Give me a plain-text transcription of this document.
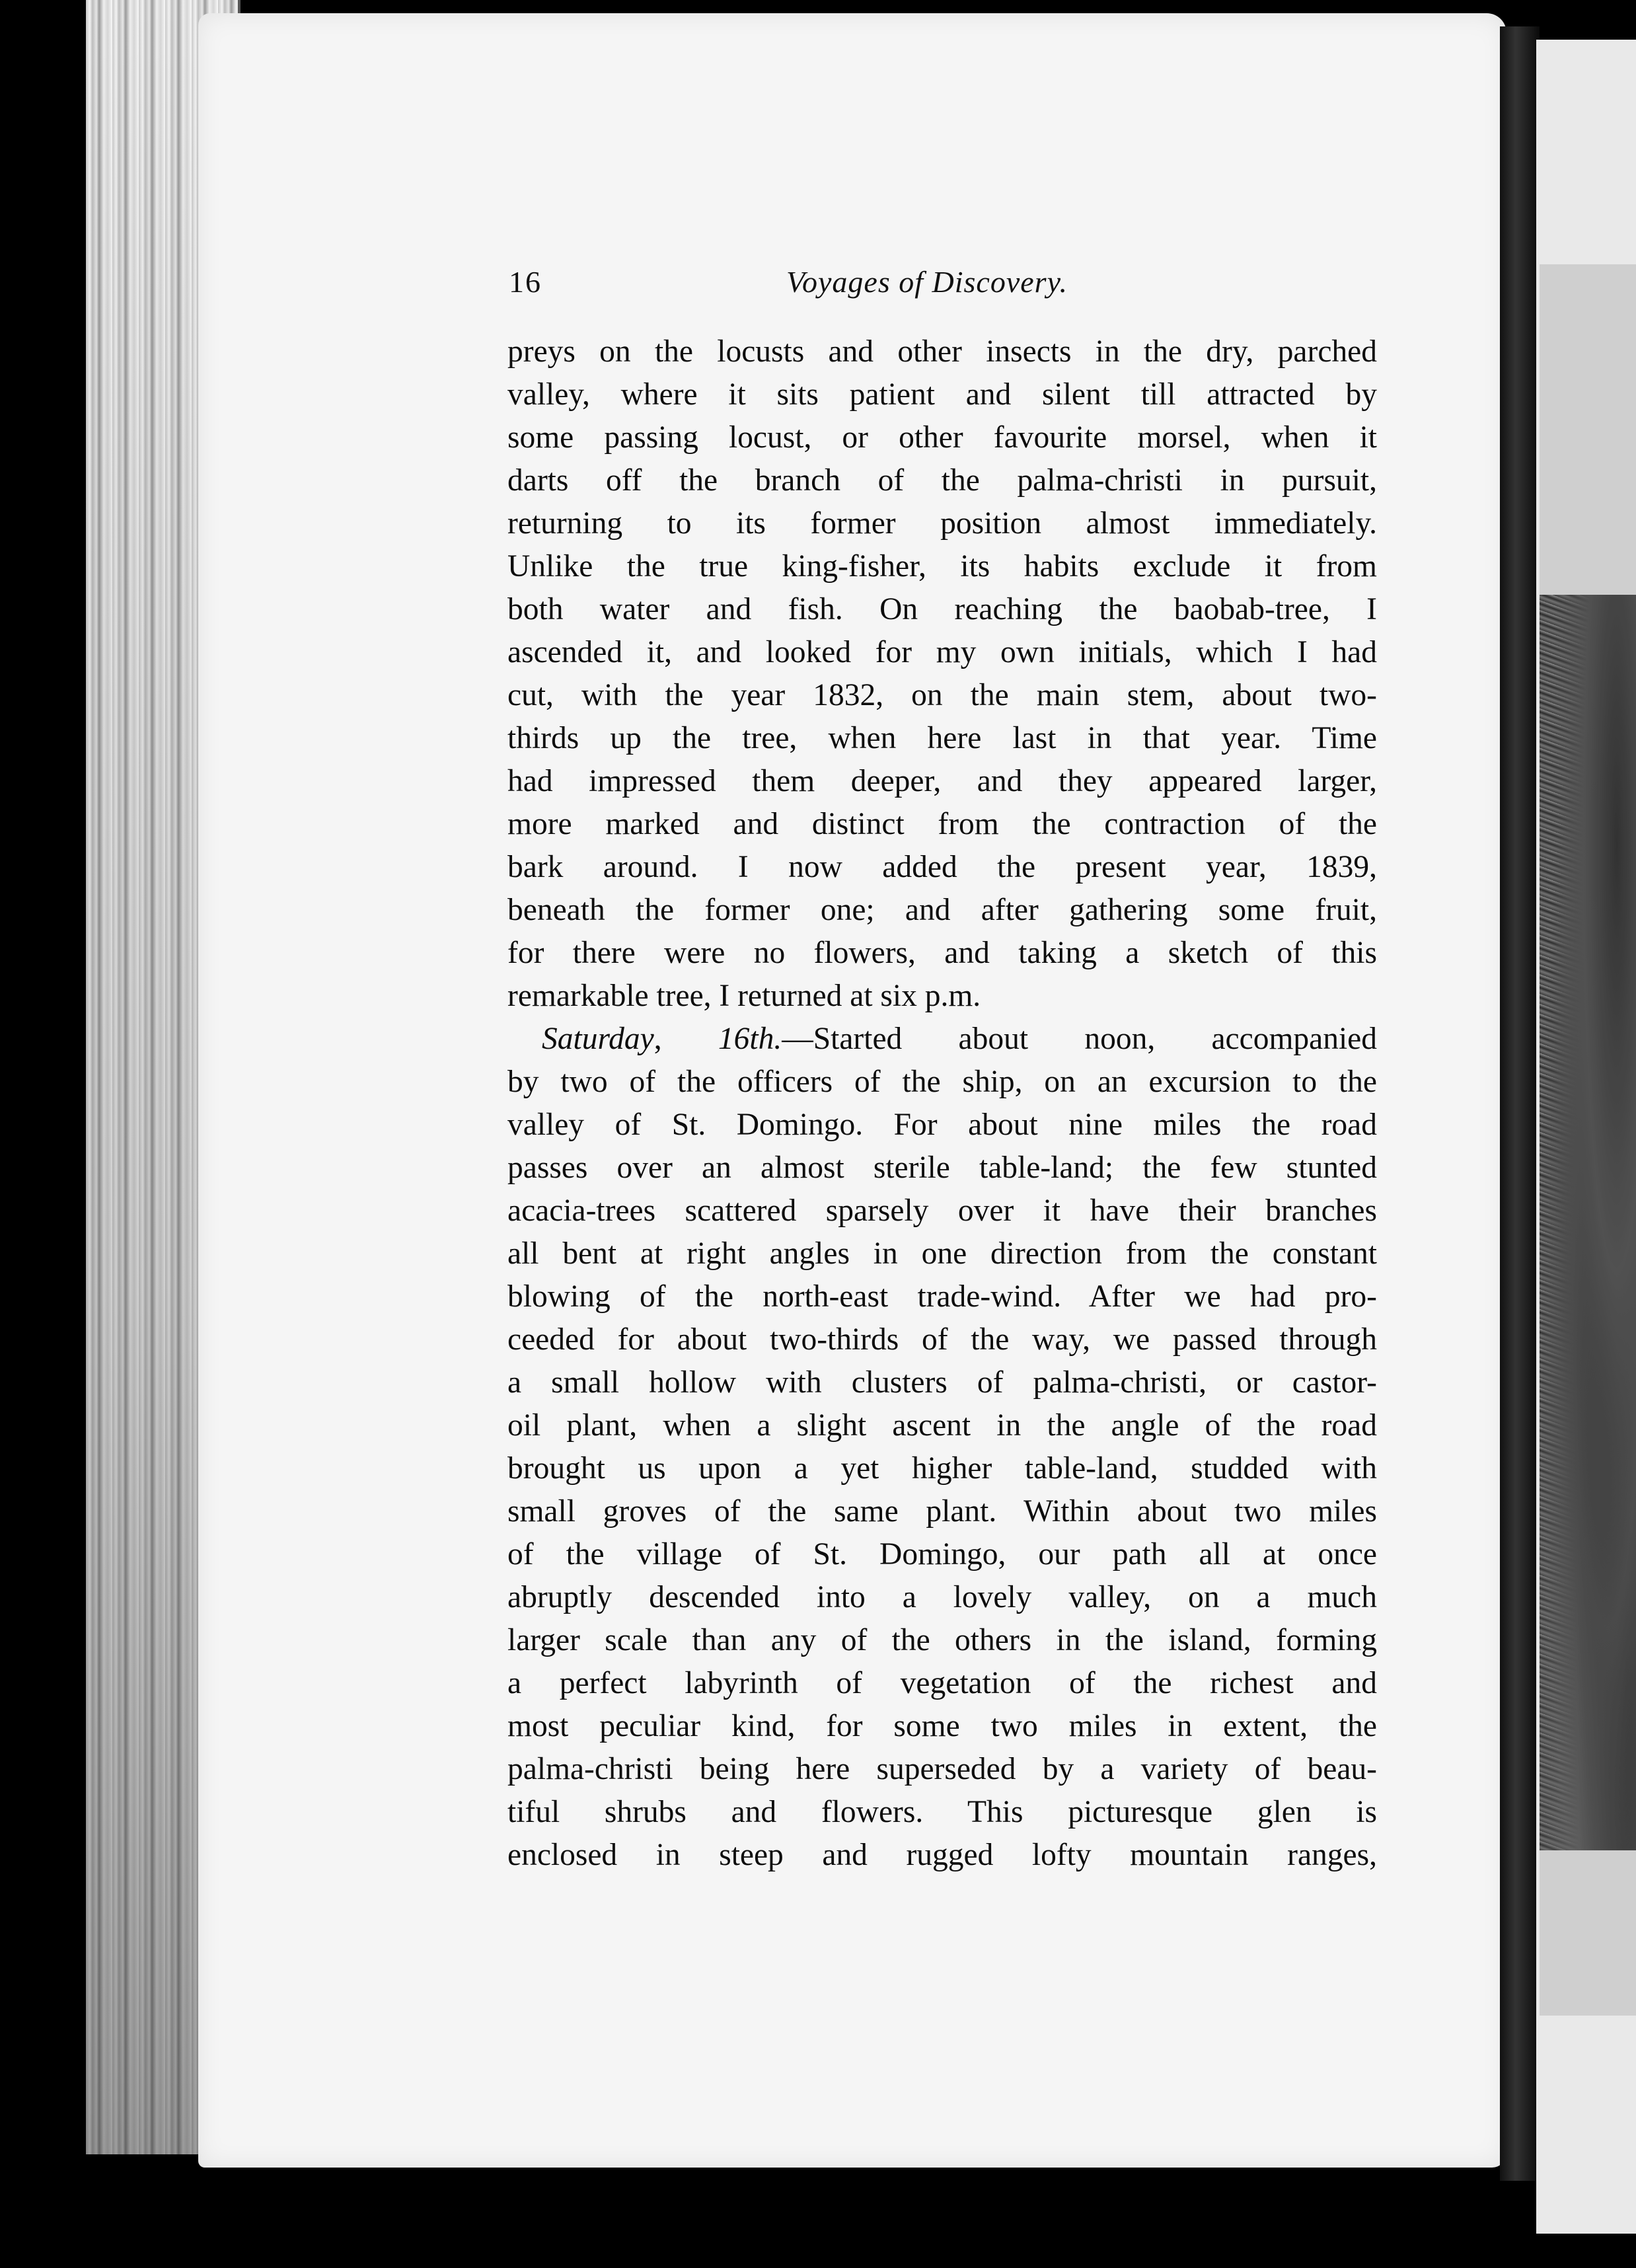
16	Voyages of Discovery.
preys on the locusts and other insects in the dry, parched
valley, where it sits patient and silent till attracted by
some passing locust, or other favourite morsel, when it
darts off the branch of the palma-christi in pursuit,
returning to its former position almost immediately.
Unlike the true king-fisher, its habits exclude it from
both water and fish. On reaching the baobab-tree, I
ascended it, and looked for my own initials, which I had
cut, with the year 1832, on the main stem, about two-
thirds up the tree, when here last in that year. Time
had impressed them deeper, and they appeared larger,
more marked and distinct from the contraction of the
bark around. I now added the present year, 1839,
beneath the former one; and after gathering some fruit,
for there were no flowers, and taking a sketch of this
remarkable tree, I returned at six p.m.
Saturday, 16th.—Started about noon, accompanied
by two of the officers of the ship, on an excursion to the
valley of St. Domingo. For about nine miles the road
passes over an almost sterile table-land; the few stunted
acacia-trees scattered sparsely over it have their branches
all bent at right angles in one direction from the constant
blowing of the north-east trade-wind. After we had pro-
ceeded for about two-thirds of the way, we passed through
a small hollow with clusters of palma-christi, or castor-
oil plant, when a slight ascent in the angle of the road
brought us upon a yet higher table-land, studded with
small groves of the same plant. Within about two miles
of the village of St. Domingo, our path all at once
abruptly descended into a lovely valley, on a much
larger scale than any of the others in the island, forming
a perfect labyrinth of vegetation of the richest and
most peculiar kind, for some two miles in extent, the
palma-christi being here superseded by a variety of beau-
tiful shrubs and flowers. This picturesque glen is
enclosed in steep and rugged lofty mountain ranges,
